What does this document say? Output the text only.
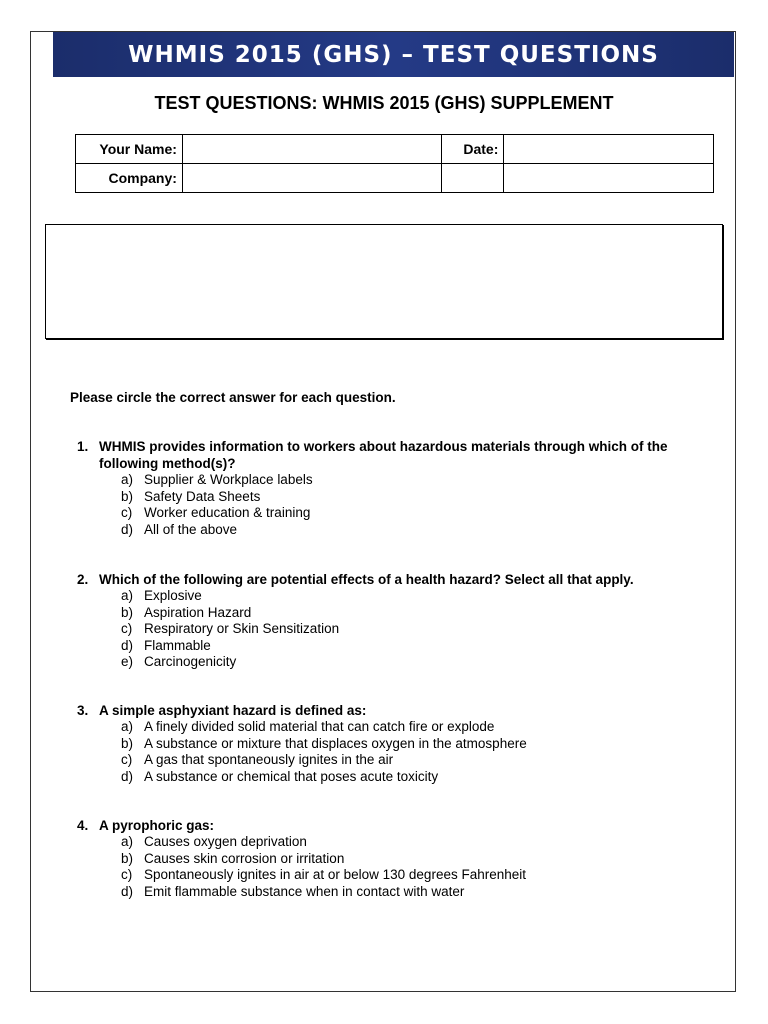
WHMIS 2015 (GHS) – TEST QUESTIONS
TEST QUESTIONS: WHMIS 2015 (GHS) SUPPLEMENT
Your Name:		Date:	
Company:			
Please circle the correct answer for each question.
1. WHMIS provides information to workers about hazardous materials through which of the following method(s)?
a) Supplier & Workplace labels
b) Safety Data Sheets
c) Worker education & training
d) All of the above
2. Which of the following are potential effects of a health hazard? Select all that apply.
a) Explosive
b) Aspiration Hazard
c) Respiratory or Skin Sensitization
d) Flammable
e) Carcinogenicity
3. A simple asphyxiant hazard is defined as:
a) A finely divided solid material that can catch fire or explode
b) A substance or mixture that displaces oxygen in the atmosphere
c) A gas that spontaneously ignites in the air
d) A substance or chemical that poses acute toxicity
4. A pyrophoric gas:
a) Causes oxygen deprivation
b) Causes skin corrosion or irritation
c) Spontaneously ignites in air at or below 130 degrees Fahrenheit
d) Emit flammable substance when in contact with water
